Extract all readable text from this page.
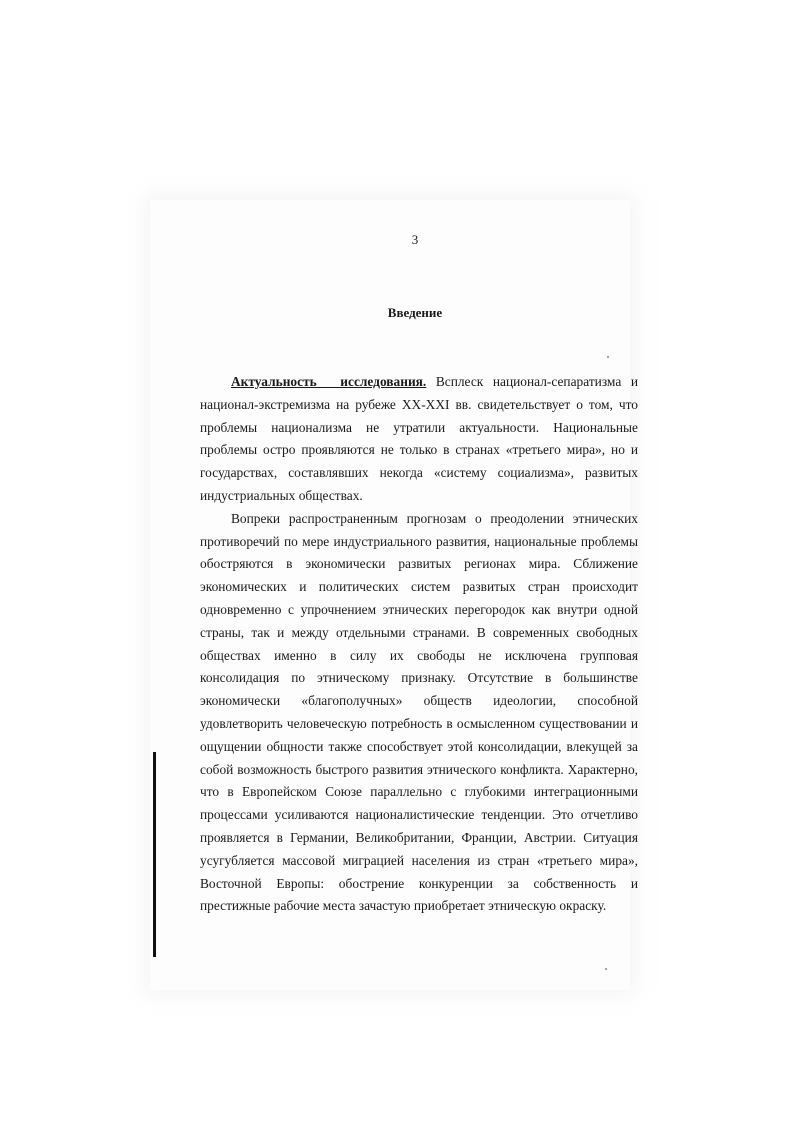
3
Введение

Актуальность исследования. Всплеск национал-сепаратизма и национал-экстремизма на рубеже XX-XXI вв. свидетельствует о том, что проблемы национализма не утратили актуальности. Национальные проблемы остро проявляются не только в странах «третьего мира», но и государствах, составлявших некогда «систему социализма», развитых индустриальных обществах.

Вопреки распространенным прогнозам о преодолении этнических противоречий по мере индустриального развития, национальные проблемы обостряются в экономически развитых регионах мира. Сближение экономических и политических систем развитых стран происходит одновременно с упрочнением этнических перегородок как внутри одной страны, так и между отдельными странами. В современных свободных обществах именно в силу их свободы не исключена групповая консолидация по этническому признаку. Отсутствие в большинстве экономически «благополучных» обществ идеологии, способной удовлетворить человеческую потребность в осмысленном существовании и ощущении общности также способствует этой консолидации, влекущей за собой возможность быстрого развития этнического конфликта. Характерно, что в Европейском Союзе параллельно с глубокими интеграционными процессами усиливаются националистические тенденции. Это отчетливо проявляется в Германии, Великобритании, Франции, Австрии. Ситуация усугубляется массовой миграцией населения из стран «третьего мира», Восточной Европы: обострение конкуренции за собственность и престижные рабочие места зачастую приобретает этническую окраску.
